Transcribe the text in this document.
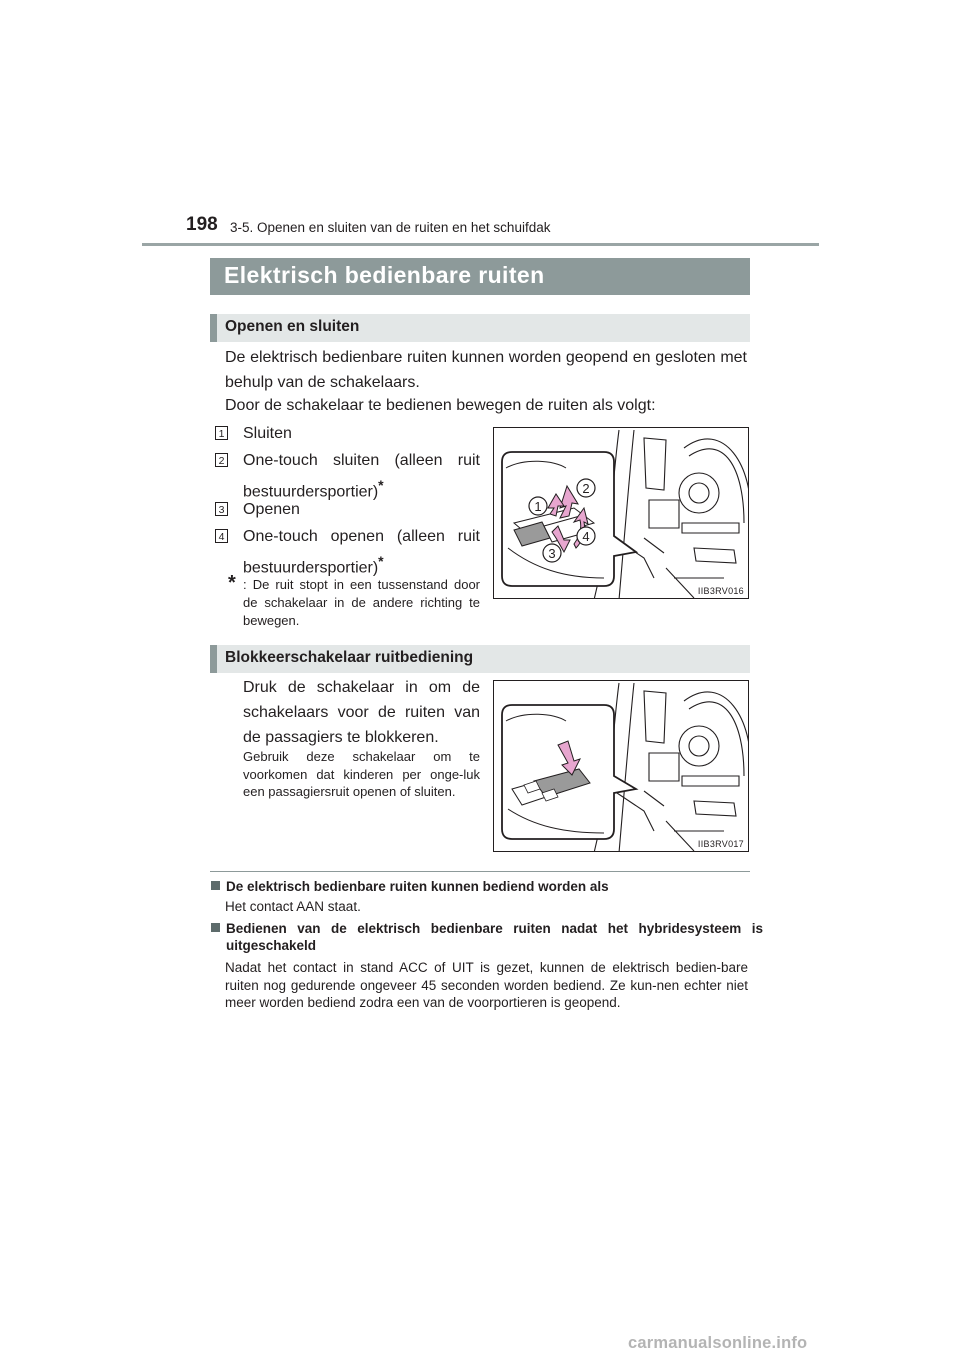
198 3-5. Openen en sluiten van de ruiten en het schuifdak
Elektrisch bedienbare ruiten
Openen en sluiten
De elektrisch bedienbare ruiten kunnen worden geopend en gesloten met behulp van de schakelaars.
Door de schakelaar te bedienen bewegen de ruiten als volgt:
1 Sluiten
2 One-touch sluiten (alleen ruit bestuurdersportier)*
3 Openen
4 One-touch openen (alleen ruit bestuurdersportier)*
* : De ruit stopt in een tussenstand door de schakelaar in de andere richting te bewegen.
1
2
3
4
IIB3RV016
Blokkeerschakelaar ruitbediening
Druk de schakelaar in om de schakelaars voor de ruiten van de passagiers te blokkeren.
Gebruik deze schakelaar om te voorkomen dat kinderen per onge-luk een passagiersruit openen of sluiten.
IIB3RV017
De elektrisch bedienbare ruiten kunnen bediend worden als
Het contact AAN staat.
Bedienen van de elektrisch bedienbare ruiten nadat het hybridesysteem is uitgeschakeld
Nadat het contact in stand ACC of UIT is gezet, kunnen de elektrisch bedien-bare ruiten nog gedurende ongeveer 45 seconden worden bediend. Ze kun-nen echter niet meer worden bediend zodra een van de voorportieren is geopend.
carmanualsonline.info
